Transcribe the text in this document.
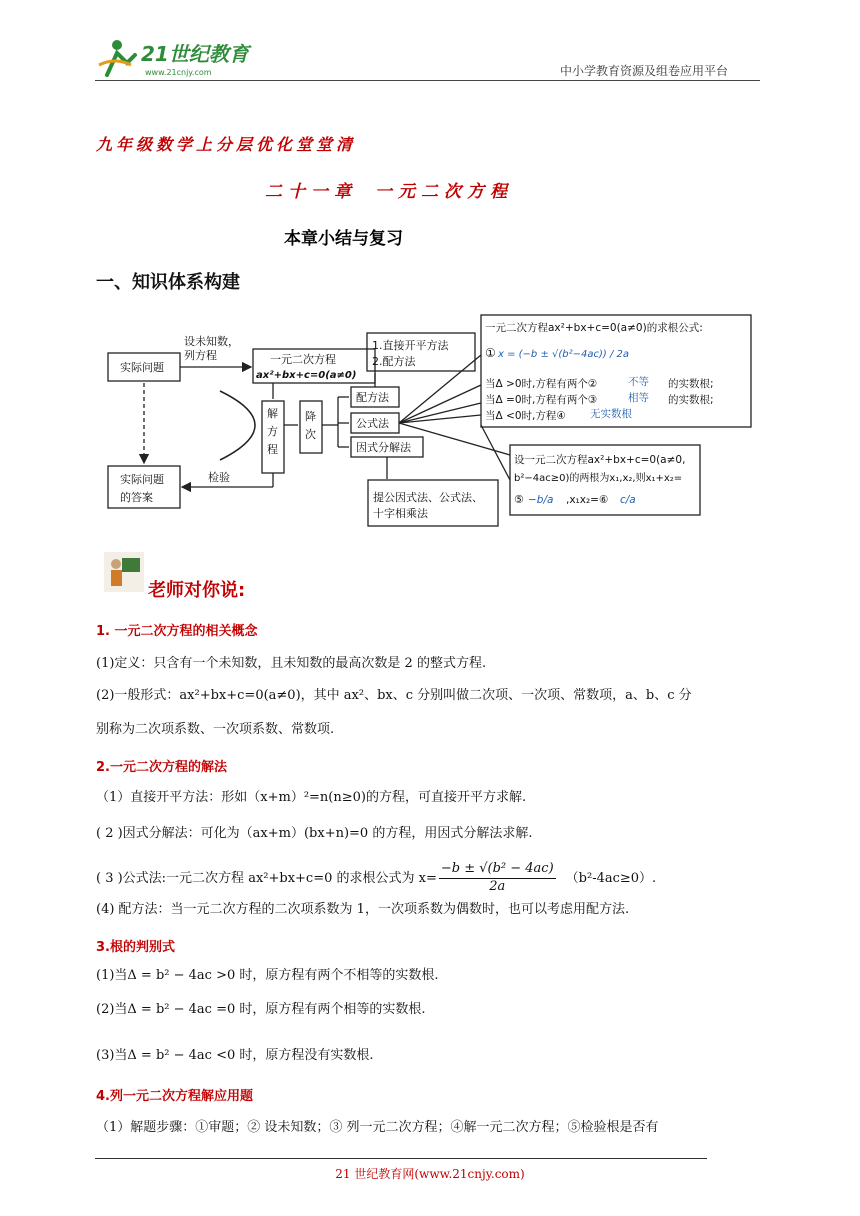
21世纪教育
www.21cnjy.com	中小学教育资源及组卷应用平台
九年级数学上分层优化堂堂清
二十一章 一元二次方程
本章小结与复习
一、知识体系构建
实际问题
设未知数，
列方程	一元二次方程
ax²+bx+c=0(a≠0)
解
方
程
降
次
1.直接开平方法
2.配方法
配方法
公式法
因式分解法
提公因式法、公式法、
十字相乘法
检验
实际问题
的答案
一元二次方程ax²+bx+c=0(a≠0)的求根公式:
① x = (−b ± √(b²−4ac)) / 2a
当Δ >0时,方程有两个②	不等 的实数根;
当Δ =0时,方程有两个③	相等 的实数根;
当Δ <0时,方程④ 无实数根
设一元二次方程ax²+bx+c=0(a≠0,
b²−4ac≥0)的两根为x₁,x₂,则x₁+x₂=
⑤ −b/a ,x₁x₂=⑥ c/a
老师对你说:
1. 一元二次方程的相关概念
(1)定义：只含有一个未知数，且未知数的最高次数是 2 的整式方程.
(2)一般形式：ax²+bx+c=0(a≠0)，其中 ax²、bx、c 分别叫做二次项、一次项、常数项，a、b、c 分
别称为二次项系数、一次项系数、常数项.
2.一元二次方程的解法
（1）直接开平方法：形如（x+m）²=n(n≥0)的方程，可直接开平方求解.
( 2 )因式分解法：可化为（ax+m）(bx+n)=0 的方程，用因式分解法求解.
( 3 )公式法:一元二次方程 ax²+bx+c=0 的求根公式为 $x= \frac{\text{−b ± √(b² − 4ac)}}{2a} (b^2-4ac\ge 0)$.
(4) 配方法：当一元二次方程的二次项系数为 1，一次项系数为偶数时，也可以考虑用配方法.
3.根的判别式
(1)当Δ = b² − 4ac >0 时，原方程有两个不相等的实数根.
(2)当Δ = b² − 4ac =0 时，原方程有两个相等的实数根.
(3)当Δ = b² − 4ac <0 时，原方程没有实数根.
4.列一元二次方程解应用题
（1）解题步骤：①审题；② 设未知数；③ 列一元二次方程；④解一元二次方程；⑤检验根是否有
21 世纪教育网(www.21cnjy.com)
